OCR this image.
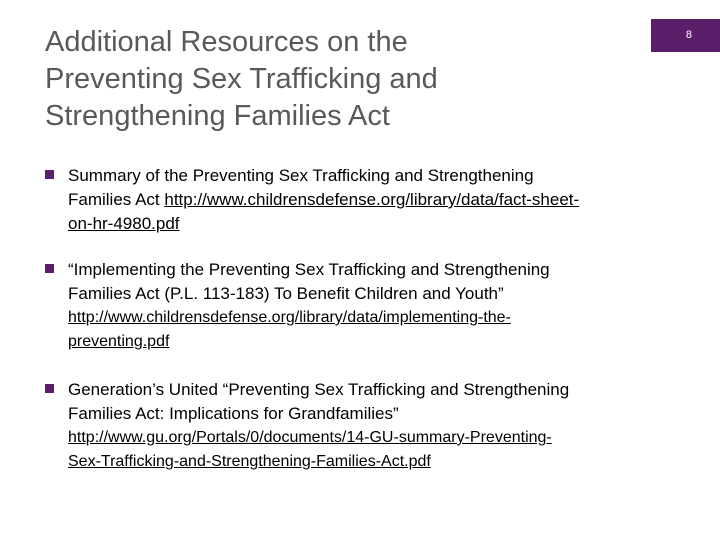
Additional Resources on the
Preventing Sex Trafficking and
Strengthening Families Act
8
Summary of the Preventing Sex Trafficking and Strengthening
Families Act http://www.childrensdefense.org/library/data/fact-sheet-
on-hr-4980.pdf
“Implementing the Preventing Sex Trafficking and Strengthening
Families Act (P.L. 113-183) To Benefit Children and Youth”
http://www.childrensdefense.org/library/data/implementing-the-
preventing.pdf
Generation’s United “Preventing Sex Trafficking and Strengthening
Families Act: Implications for Grandfamilies”
http://www.gu.org/Portals/0/documents/14-GU-summary-Preventing-
Sex-Trafficking-and-Strengthening-Families-Act.pdf
